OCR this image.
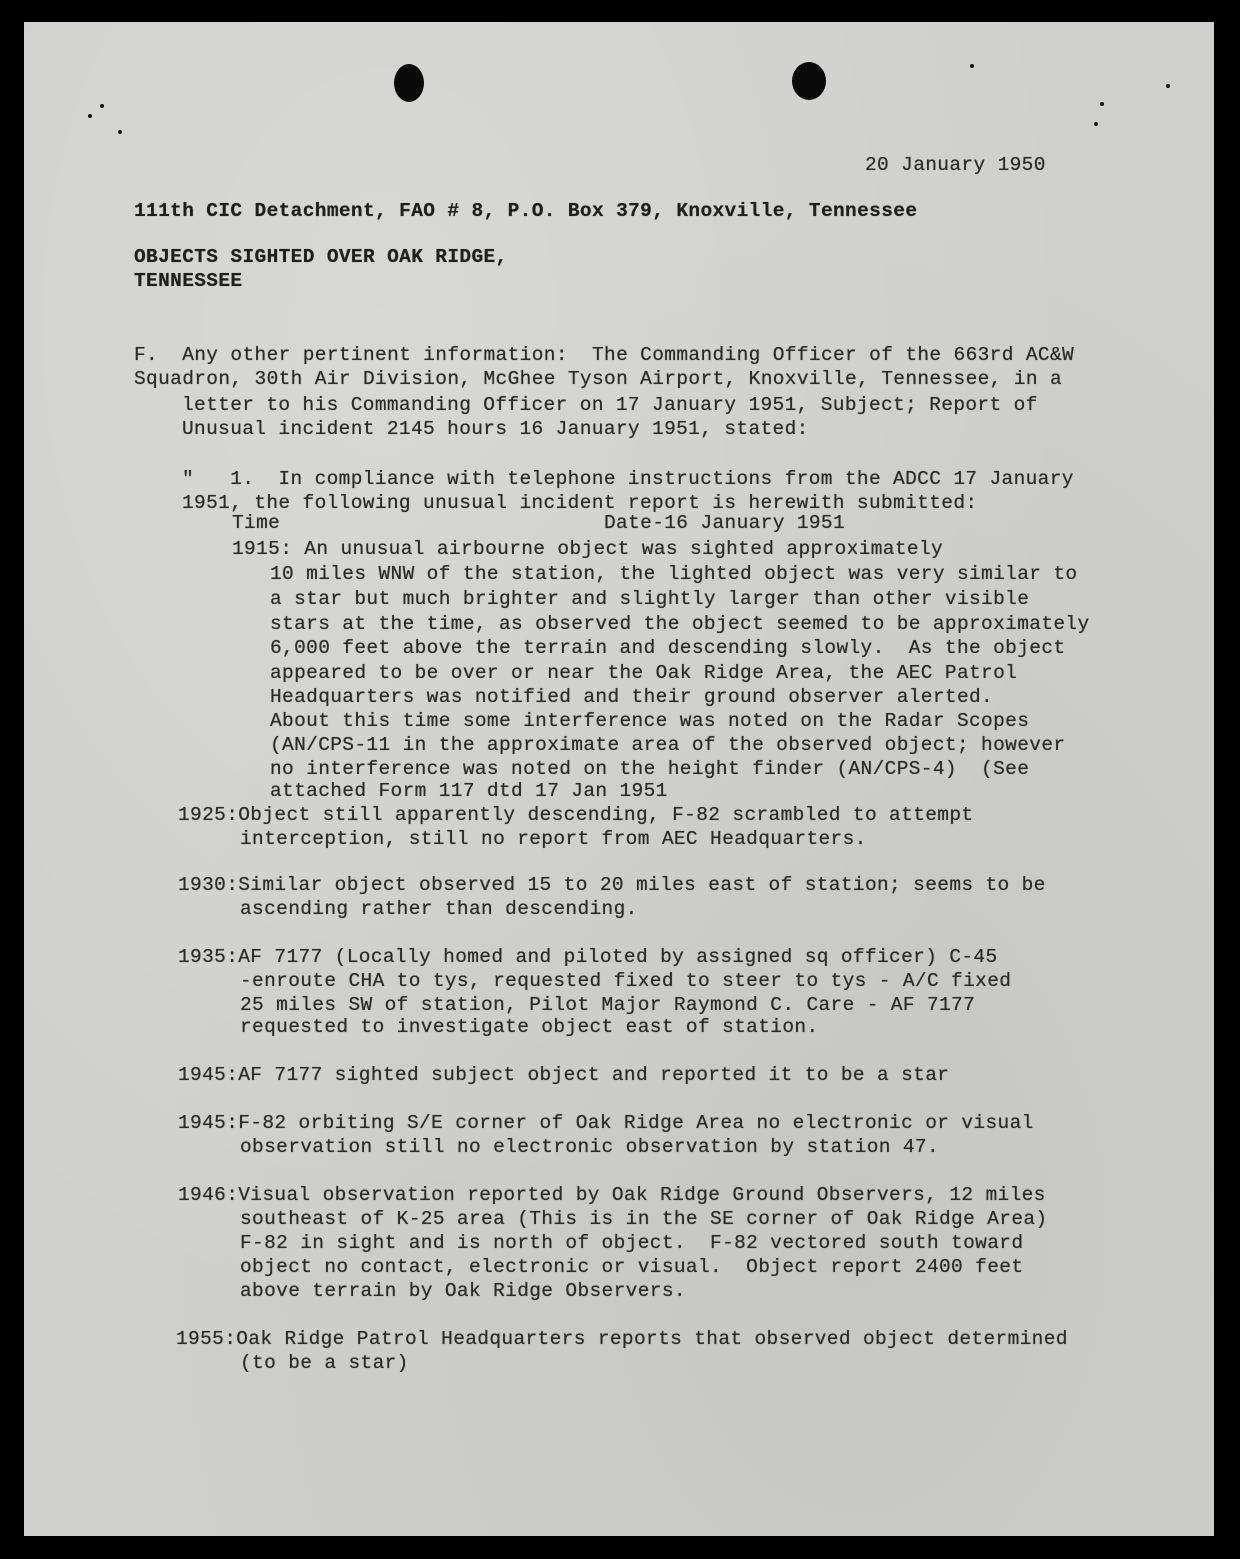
20 January 1950
111th CIC Detachment, FAO # 8, P.O. Box 379, Knoxville, Tennessee
OBJECTS SIGHTED OVER OAK RIDGE,
TENNESSEE
F.  Any other pertinent information:  The Commanding Officer of the 663rd AC&W
Squadron, 30th Air Division, McGhee Tyson Airport, Knoxville, Tennessee, in a
letter to his Commanding Officer on 17 January 1951, Subject; Report of
Unusual incident 2145 hours 16 January 1951, stated:
"   1.  In compliance with telephone instructions from the ADCC 17 January
1951, the following unusual incident report is herewith submitted:
Time	Date-16 January 1951
1915: An unusual airbourne object was sighted approximately
10 miles WNW of the station, the lighted object was very similar to
a star but much brighter and slightly larger than other visible
stars at the time, as observed the object seemed to be approximately
6,000 feet above the terrain and descending slowly.  As the object
appeared to be over or near the Oak Ridge Area, the AEC Patrol
Headquarters was notified and their ground observer alerted.
About this time some interference was noted on the Radar Scopes
(AN/CPS-11 in the approximate area of the observed object; however
no interference was noted on the height finder (AN/CPS-4)  (See
attached Form 117 dtd 17 Jan 1951
1925:Object still apparently descending, F-82 scrambled to attempt
interception, still no report from AEC Headquarters.
1930:Similar object observed 15 to 20 miles east of station; seems to be
ascending rather than descending.
1935:AF 7177 (Locally homed and piloted by assigned sq officer) C-45
-enroute CHA to tys, requested fixed to steer to tys - A/C fixed
25 miles SW of station, Pilot Major Raymond C. Care - AF 7177
requested to investigate object east of station.
1945:AF 7177 sighted subject object and reported it to be a star
1945:F-82 orbiting S/E corner of Oak Ridge Area no electronic or visual
observation still no electronic observation by station 47.
1946:Visual observation reported by Oak Ridge Ground Observers, 12 miles
southeast of K-25 area (This is in the SE corner of Oak Ridge Area)
F-82 in sight and is north of object.  F-82 vectored south toward
object no contact, electronic or visual.  Object report 2400 feet
above terrain by Oak Ridge Observers.
1955:Oak Ridge Patrol Headquarters reports that observed object determined
(to be a star)
